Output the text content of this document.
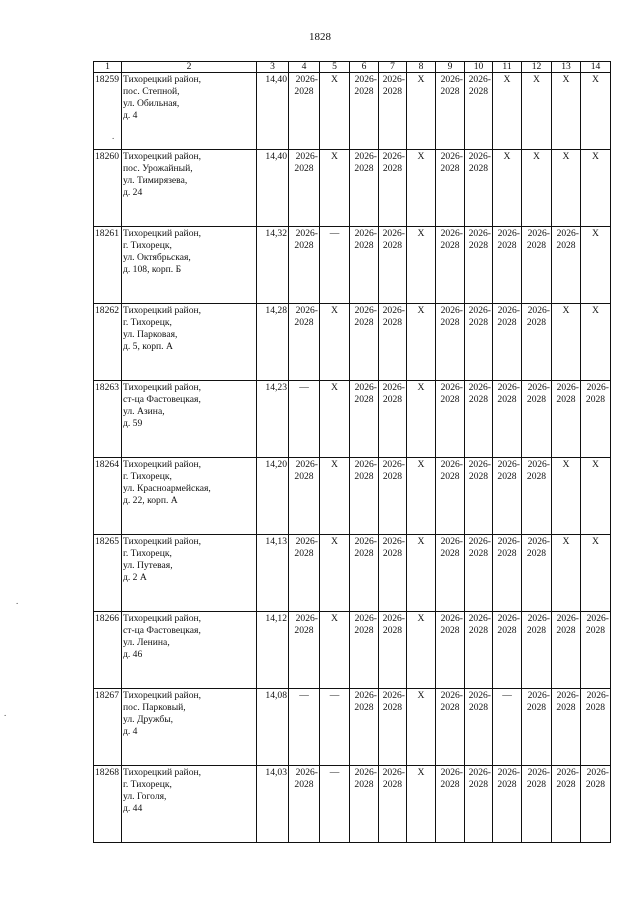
1828
.
.
.
1	2	3	4	5	6	7	8	9	10	11	12	13	14
18259	Тихорецкий район,
пос. Степной,
ул. Обильная,
д. 4	14,40	2026-
2028	X	2026-
2028	2026-
2028	X	2026-
2028	2026-
2028	X	X	X	X

18260	Тихорецкий район,
пос. Урожайный,
ул. Тимирязева,
д. 24	14,40	2026-
2028	X	2026-
2028	2026-
2028	X	2026-
2028	2026-
2028	X	X	X	X

18261	Тихорецкий район,
г. Тихорецк,
ул. Октябрьская,
д. 108, корп. Б	14,32	2026-
2028	—	2026-
2028	2026-
2028	X	2026-
2028	2026-
2028	2026-
2028	2026-
2028	2026-
2028	X

18262	Тихорецкий район,
г. Тихорецк,
ул. Парковая,
д. 5, корп. А	14,28	2026-
2028	X	2026-
2028	2026-
2028	X	2026-
2028	2026-
2028	2026-
2028	2026-
2028	X	X

18263	Тихорецкий район,
ст-ца Фастовецкая,
ул. Азина,
д. 59	14,23	—	X	2026-
2028	2026-
2028	X	2026-
2028	2026-
2028	2026-
2028	2026-
2028	2026-
2028	2026-
2028

18264	Тихорецкий район,
г. Тихорецк,
ул. Красноармейская,
д. 22, корп. А	14,20	2026-
2028	X	2026-
2028	2026-
2028	X	2026-
2028	2026-
2028	2026-
2028	2026-
2028	X	X

18265	Тихорецкий район,
г. Тихорецк,
ул. Путевая,
д. 2 А	14,13	2026-
2028	X	2026-
2028	2026-
2028	X	2026-
2028	2026-
2028	2026-
2028	2026-
2028	X	X

18266	Тихорецкий район,
ст-ца Фастовецкая,
ул. Ленина,
д. 46	14,12	2026-
2028	X	2026-
2028	2026-
2028	X	2026-
2028	2026-
2028	2026-
2028	2026-
2028	2026-
2028	2026-
2028

18267	Тихорецкий район,
пос. Парковый,
ул. Дружбы,
д. 4	14,08	—	—	2026-
2028	2026-
2028	X	2026-
2028	2026-
2028	—	2026-
2028	2026-
2028	2026-
2028

18268	Тихорецкий район,
г. Тихорецк,
ул. Гоголя,
д. 44	14,03	2026-
2028	—	2026-
2028	2026-
2028	X	2026-
2028	2026-
2028	2026-
2028	2026-
2028	2026-
2028	2026-
2028
